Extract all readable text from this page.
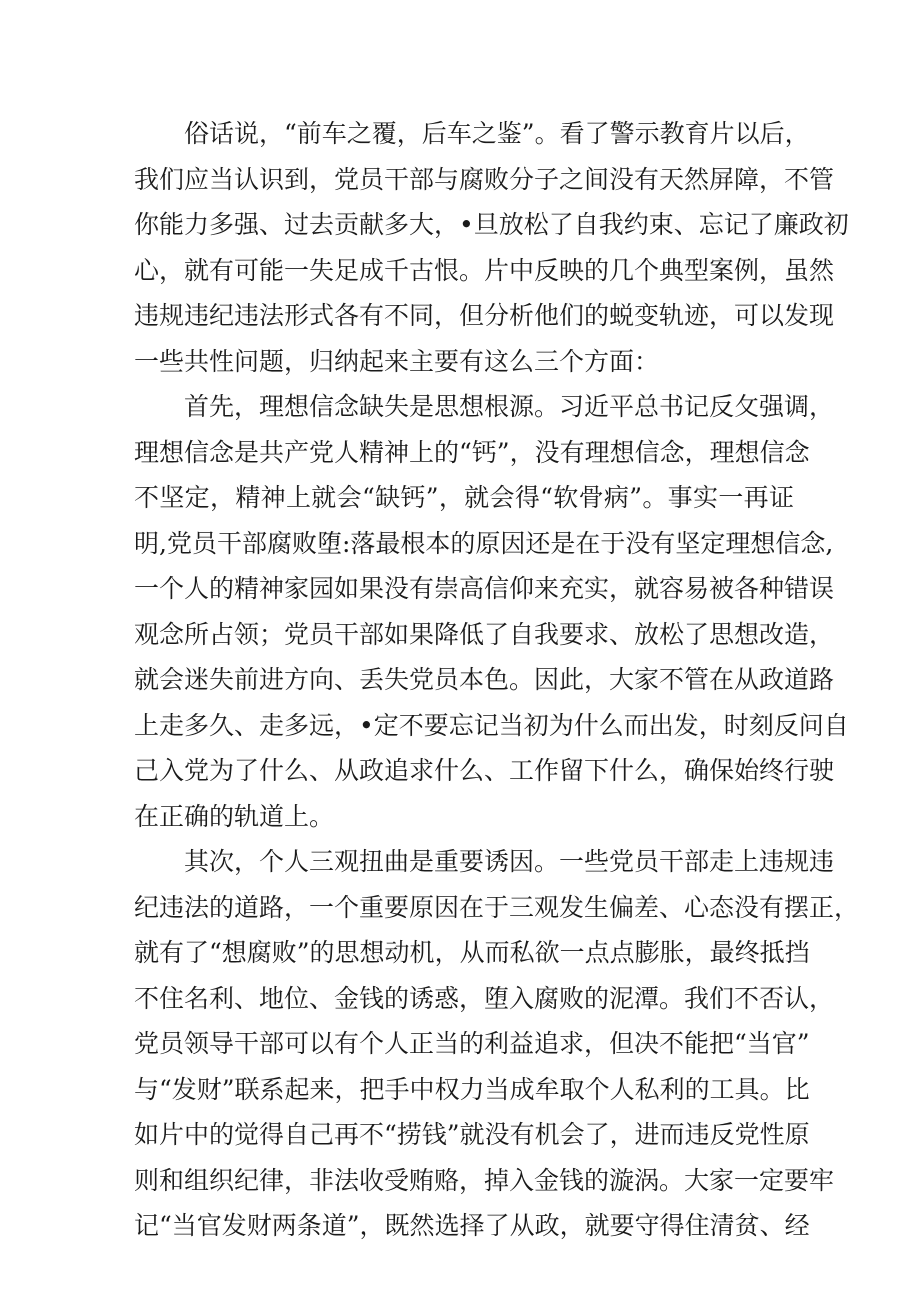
俗话说，“前车之覆，后车之鉴”。看了警示教育片以后，
我们应当认识到，党员干部与腐败分子之间没有天然屏障，不管
你能力多强、过去贡献多大，•旦放松了自我约束、忘记了廉政初
心，就有可能一失足成千古恨。片中反映的几个典型案例，虽然
违规违纪违法形式各有不同，但分析他们的蜕变轨迹，可以发现
一些共性问题，归纳起来主要有这么三个方面：
首先，理想信念缺失是思想根源。习近平总书记反攵强调，
理想信念是共产党人精神上的“钙”，没有理想信念，理想信念
不坚定，精神上就会“缺钙”，就会得“软骨病”。事实一再证
明,党员干部腐败堕:落最根本的原因还是在于没有坚定理想信念,
一个人的精神家园如果没有崇高信仰来充实，就容易被各种错误
观念所占领；党员干部如果降低了自我要求、放松了思想改造，
就会迷失前进方向、丢失党员本色。因此，大家不管在从政道路
上走多久、走多远，•定不要忘记当初为什么而出发，时刻反问自
己入党为了什么、从政追求什么、工作留下什么，确保始终行驶
在正确的轨道上。
其次，个人三观扭曲是重要诱因。一些党员干部走上违规违
纪违法的道路，一个重要原因在于三观发生偏差、心态没有摆正，
就有了“想腐败”的思想动机，从而私欲一点点膨胀，最终抵挡
不住名利、地位、金钱的诱惑，堕入腐败的泥潭。我们不否认，
党员领导干部可以有个人正当的利益追求，但决不能把“当官”
与“发财”联系起来，把手中权力当成牟取个人私利的工具。比
如片中的觉得自己再不“捞钱”就没有机会了，进而违反党性原
则和组织纪律，非法收受贿赂，掉入金钱的漩涡。大家一定要牢
记“当官发财两条道”，既然选择了从政，就要守得住清贫、经
